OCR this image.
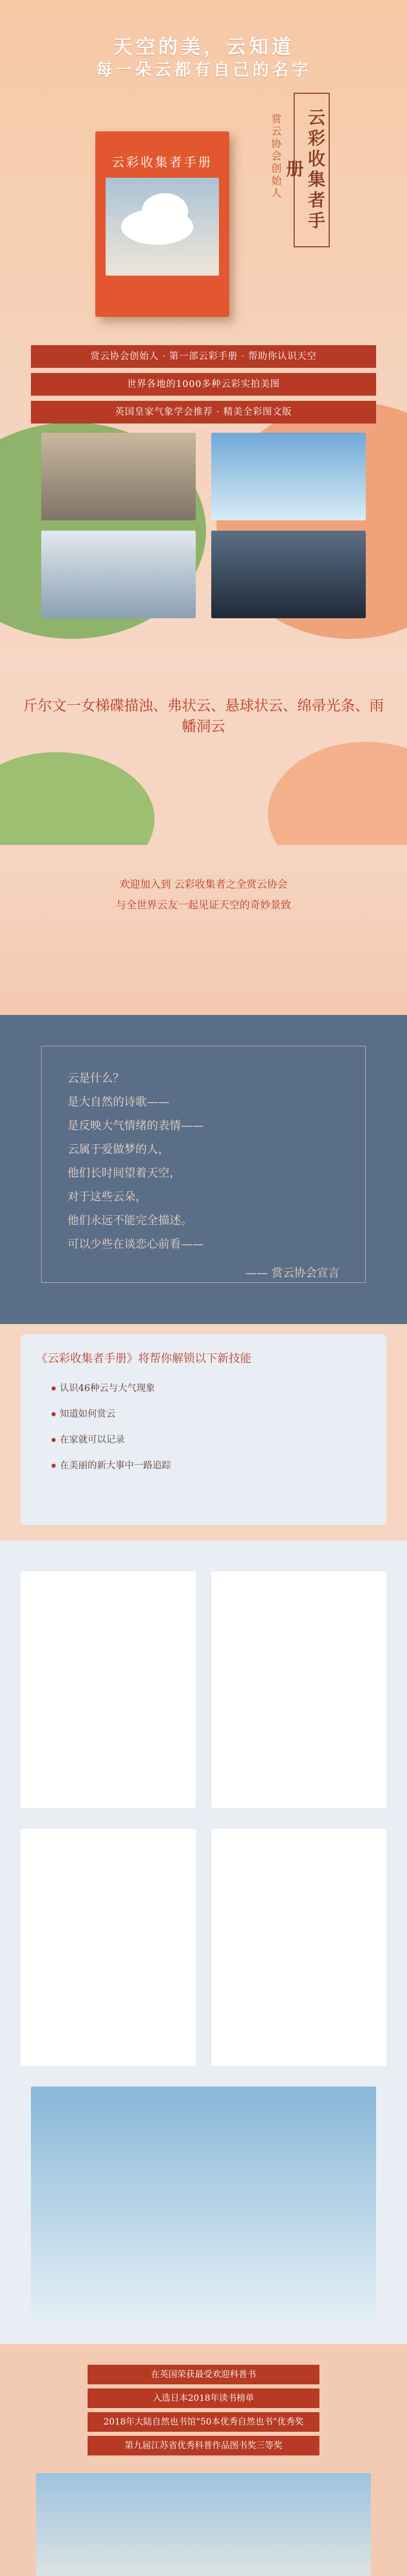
天空的美，云知道
每一朵云都有自己的名字
云彩收集者手册	赏云协会创始人	云彩收集者手册
赏云协会创始人 · 第一部云彩手册 · 帮助你认识天空
世界各地的1000多种云彩实拍美图
英国皇家气象学会推荐 · 精美全彩图文版
斤尔文一女梯碟描浊、弗状云、悬球状云、绵帚光条、雨幡洞云
欢迎加入到 云彩收集者之全赏云协会
与全世界云友一起见证天空的奇妙景致
云是什么？
是大自然的诗歌——
是反映大气情绪的表情——
云属于爱做梦的人，
他们长时间望着天空，
对于这些云朵，
他们永远不能完全描述。
可以少些在谈恋心前看——
—— 赏云协会宣言
《云彩收集者手册》将帮你解锁以下新技能
认识46种云与大气现象
知道如何赏云
在家就可以记录
在美丽的新大事中一路追踪
在英国荣获最受欢迎科普书
入选日本2018年读书榜单
2018年大陆自然也书馆“50本优秀自然也书”优秀奖
第九届江苏省优秀科普作品图书奖三等奖
